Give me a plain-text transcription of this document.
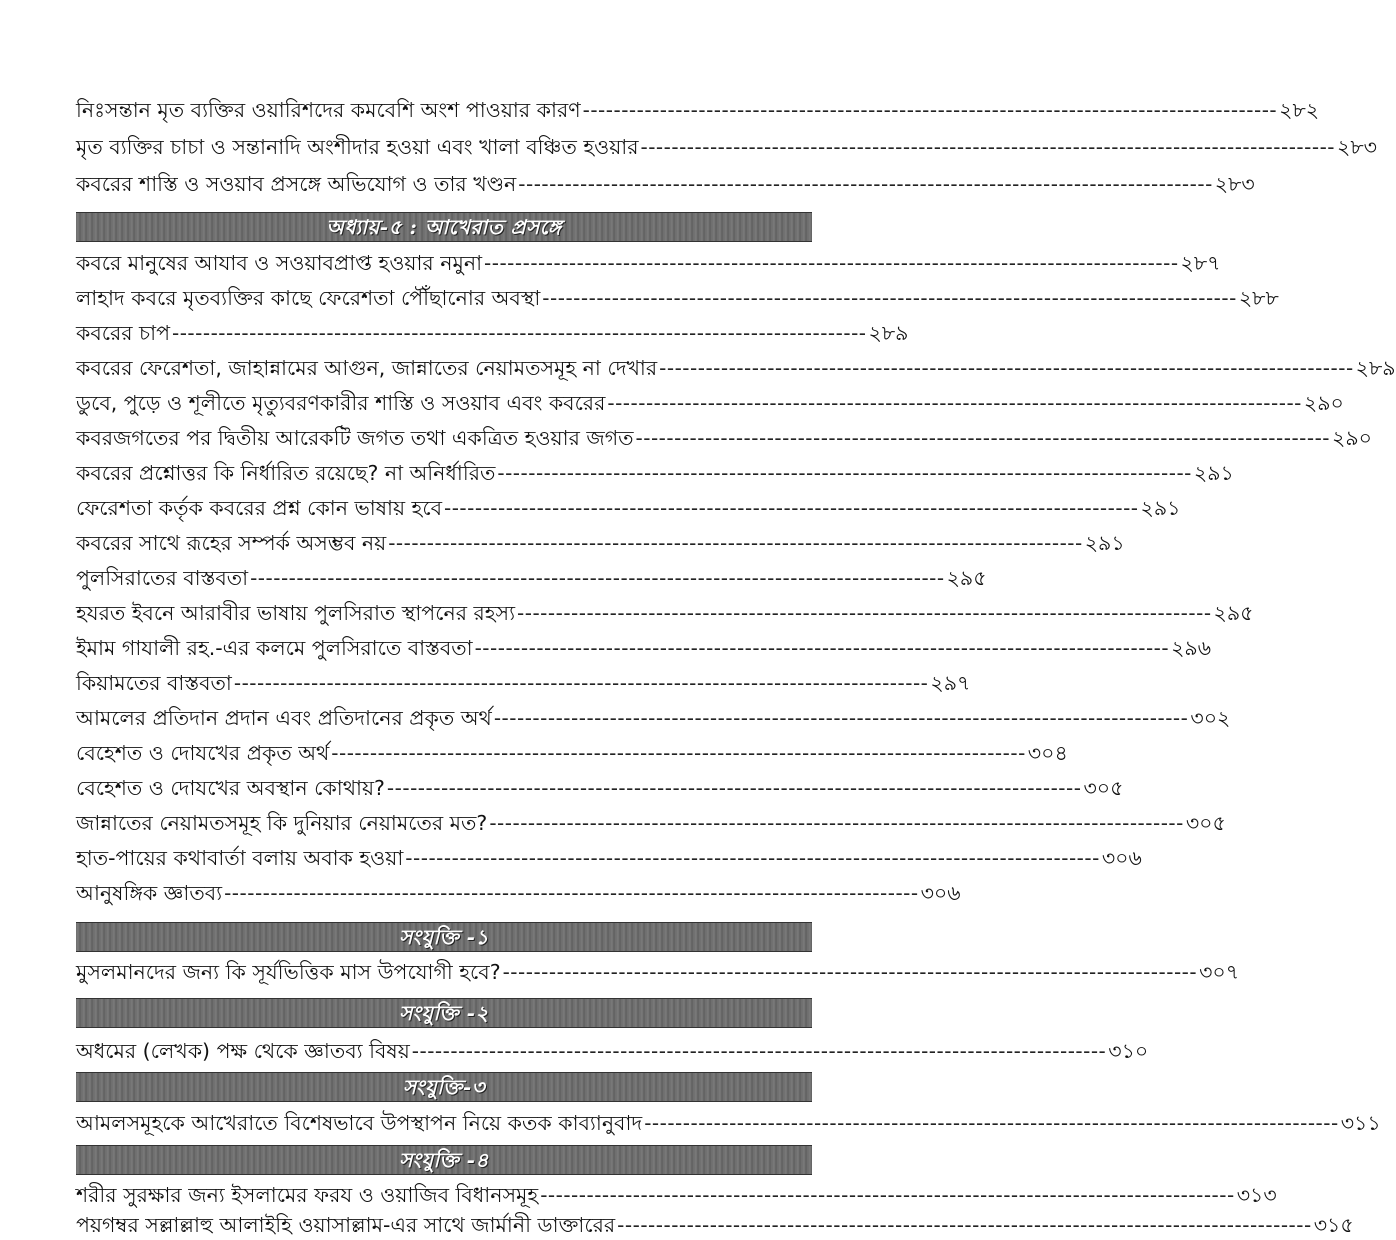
নিঃসন্তান মৃত ব্যক্তির ওয়ারিশদের কমবেশি অংশ পাওয়ার কারণ ------------------------------------------------------------------------------------------ ২৮২
মৃত ব্যক্তির চাচা ও সন্তানাদি অংশীদার হওয়া এবং খালা বঞ্চিত হওয়ার ------------------------------------------------------------------------------------------ ২৮৩
কবরের শাস্তি ও সওয়াব প্রসঙ্গে অভিযোগ ও তার খণ্ডন ------------------------------------------------------------------------------------------ ২৮৩
অধ্যায়-৫ : আখেরাত প্রসঙ্গে
কবরে মানুষের আযাব ও সওয়াবপ্রাপ্ত হওয়ার নমুনা ------------------------------------------------------------------------------------------ ২৮৭
লাহাদ কবরে মৃতব্যক্তির কাছে ফেরেশতা পৌঁছানোর অবস্থা ------------------------------------------------------------------------------------------ ২৮৮
কবরের চাপ ------------------------------------------------------------------------------------------ ২৮৯
কবরের ফেরেশতা, জাহান্নামের আগুন, জান্নাতের নেয়ামতসমূহ না দেখার ------------------------------------------------------------------------------------------ ২৮৯
ডুবে, পুড়ে ও শূলীতে মৃত্যুবরণকারীর শাস্তি ও সওয়াব এবং কবরের ------------------------------------------------------------------------------------------ ২৯০
কবরজগতের পর দ্বিতীয় আরেকটি জগত তথা একত্রিত হওয়ার জগত ------------------------------------------------------------------------------------------ ২৯০
কবরের প্রশ্নোত্তর কি নির্ধারিত রয়েছে? না অনির্ধারিত ------------------------------------------------------------------------------------------ ২৯১
ফেরেশতা কর্তৃক কবরের প্রশ্ন কোন ভাষায় হবে ------------------------------------------------------------------------------------------ ২৯১
কবরের সাথে রূহের সম্পর্ক অসম্ভব নয় ------------------------------------------------------------------------------------------ ২৯১
পুলসিরাতের বাস্তবতা ------------------------------------------------------------------------------------------ ২৯৫
হযরত ইবনে আরাবীর ভাষায় পুলসিরাত স্থাপনের রহস্য ------------------------------------------------------------------------------------------ ২৯৫
ইমাম গাযালী রহ.-এর কলমে পুলসিরাতে বাস্তবতা ------------------------------------------------------------------------------------------ ২৯৬
কিয়ামতের বাস্তবতা ------------------------------------------------------------------------------------------ ২৯৭
আমলের প্রতিদান প্রদান এবং প্রতিদানের প্রকৃত অর্থ ------------------------------------------------------------------------------------------ ৩০২
বেহেশত ও দোযখের প্রকৃত অর্থ ------------------------------------------------------------------------------------------ ৩০৪
বেহেশত ও দোযখের অবস্থান কোথায়? ------------------------------------------------------------------------------------------ ৩০৫
জান্নাতের নেয়ামতসমূহ কি দুনিয়ার নেয়ামতের মত? ------------------------------------------------------------------------------------------ ৩০৫
হাত-পায়ের কথাবার্তা বলায় অবাক হওয়া ------------------------------------------------------------------------------------------ ৩০৬
আনুষঙ্গিক জ্ঞাতব্য ------------------------------------------------------------------------------------------ ৩০৬
সংযুক্তি -১
মুসলমানদের জন্য কি সূর্যভিত্তিক মাস উপযোগী হবে? ------------------------------------------------------------------------------------------ ৩০৭
সংযুক্তি -২
অধমের (লেখক) পক্ষ থেকে জ্ঞাতব্য বিষয় ------------------------------------------------------------------------------------------ ৩১০
সংযুক্তি-৩
আমলসমূহকে আখেরাতে বিশেষভাবে উপস্থাপন নিয়ে কতক কাব্যানুবাদ ------------------------------------------------------------------------------------------ ৩১১
সংযুক্তি -৪
শরীর সুরক্ষার জন্য ইসলামের ফরয ও ওয়াজিব বিধানসমূহ ------------------------------------------------------------------------------------------ ৩১৩
পয়গম্বর সল্লাল্লাহু আলাইহি ওয়াসাল্লাম-এর সাথে জার্মানী ডাক্তারের ------------------------------------------------------------------------------------------ ৩১৫
